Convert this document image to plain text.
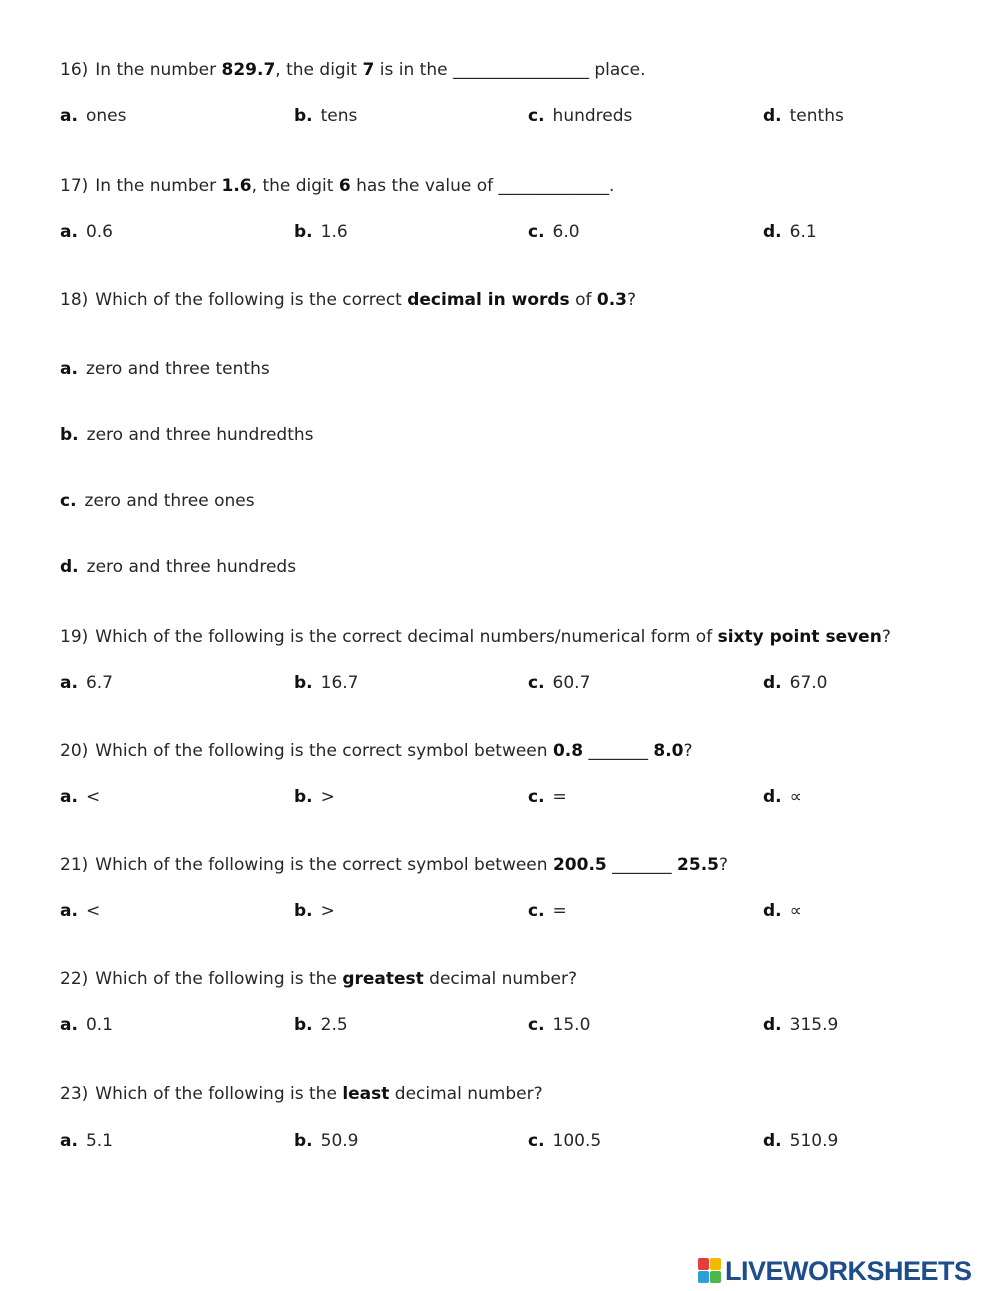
16) In the number 829.7, the digit 7 is in the ________________ place.
a. ones	b. tens	c. hundreds	d. tenths
17) In the number 1.6, the digit 6 has the value of _____________.
a. 0.6	b. 1.6	c. 6.0	d. 6.1
18) Which of the following is the correct decimal in words of 0.3?
a. zero and three tenths
b. zero and three hundredths
c. zero and three ones
d. zero and three hundreds
19) Which of the following is the correct decimal numbers/numerical form of sixty point seven?
a. 6.7	b. 16.7	c. 60.7	d. 67.0
20) Which of the following is the correct symbol between 0.8 _______ 8.0?
a. <	b. >	c. =	d. ∝
21) Which of the following is the correct symbol between 200.5 _______ 25.5?
a. <	b. >	c. =	d. ∝
22) Which of the following is the greatest decimal number?
a. 0.1	b. 2.5	c. 15.0	d. 315.9
23) Which of the following is the least decimal number?
a. 5.1	b. 50.9	c. 100.5	d. 510.9
LIVEWORKSHEETS
